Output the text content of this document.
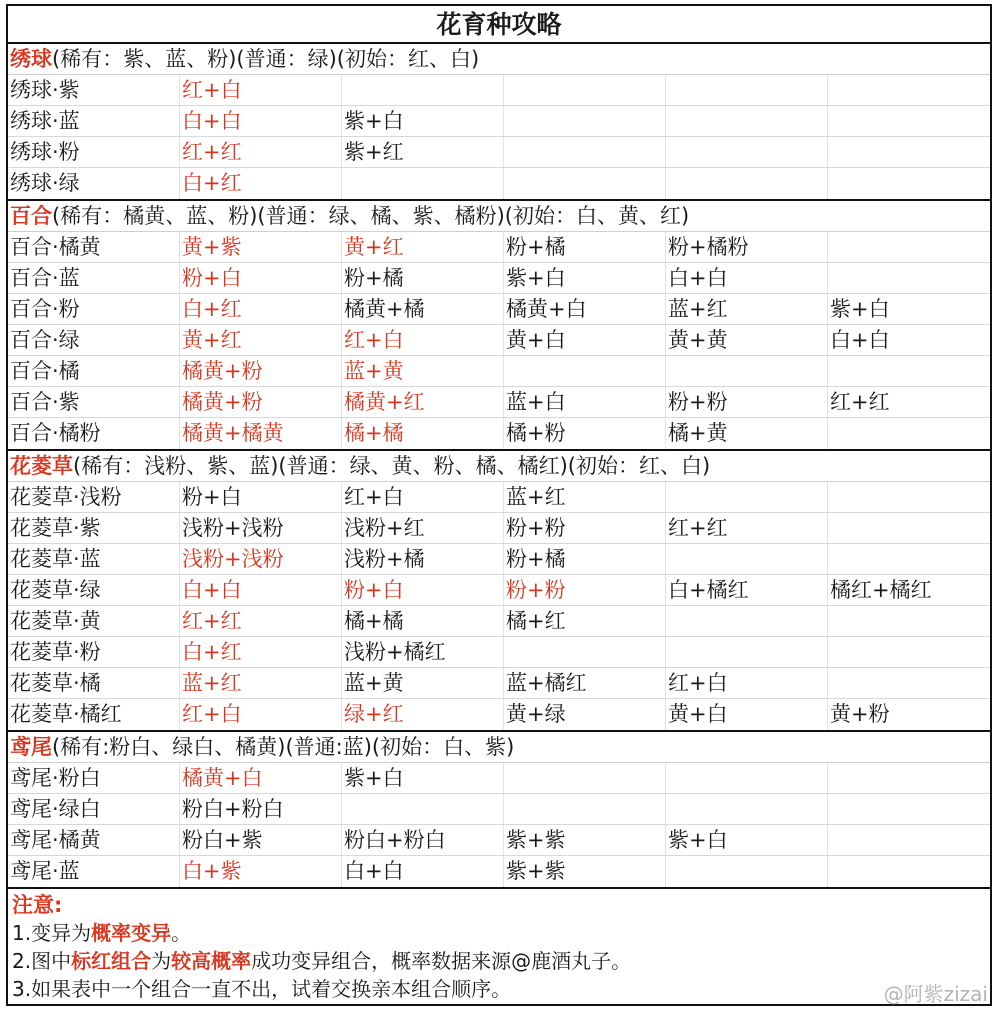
花育种攻略
绣球(稀有：紫、蓝、粉)(普通：绿)(初始：红、白)
绣球·紫	红+白
绣球·蓝	白+白	紫+白
绣球·粉	红+红	紫+红
绣球·绿	白+红
百合(稀有：橘黄、蓝、粉)(普通：绿、橘、紫、橘粉)(初始：白、黄、红)
百合·橘黄	黄+紫	黄+红	粉+橘	粉+橘粉
百合·蓝	粉+白	粉+橘	紫+白	白+白
百合·粉	白+红	橘黄+橘	橘黄+白	蓝+红	紫+白
百合·绿	黄+红	红+白	黄+白	黄+黄	白+白
百合·橘	橘黄+粉	蓝+黄
百合·紫	橘黄+粉	橘黄+红	蓝+白	粉+粉	红+红
百合·橘粉	橘黄+橘黄	橘+橘	橘+粉	橘+黄
花菱草(稀有：浅粉、紫、蓝)(普通：绿、黄、粉、橘、橘红)(初始：红、白)
花菱草·浅粉	粉+白	红+白	蓝+红
花菱草·紫	浅粉+浅粉	浅粉+红	粉+粉	红+红
花菱草·蓝	浅粉+浅粉	浅粉+橘	粉+橘
花菱草·绿	白+白	粉+白	粉+粉	白+橘红	橘红+橘红
花菱草·黄	红+红	橘+橘	橘+红
花菱草·粉	白+红	浅粉+橘红
花菱草·橘	蓝+红	蓝+黄	蓝+橘红	红+白
花菱草·橘红	红+白	绿+红	黄+绿	黄+白	黄+粉
鸢尾(稀有:粉白、绿白、橘黄)(普通:蓝)(初始：白、紫)
鸢尾·粉白	橘黄+白	紫+白
鸢尾·绿白	粉白+粉白
鸢尾·橘黄	粉白+紫	粉白+粉白	紫+紫	紫+白
鸢尾·蓝	白+紫	白+白	紫+紫
注意:
1.变异为概率变异。
2.图中标红组合为较高概率成功变异组合，概率数据来源@鹿酒丸子。
3.如果表中一个组合一直不出，试着交换亲本组合顺序。	@阿紫zizai
